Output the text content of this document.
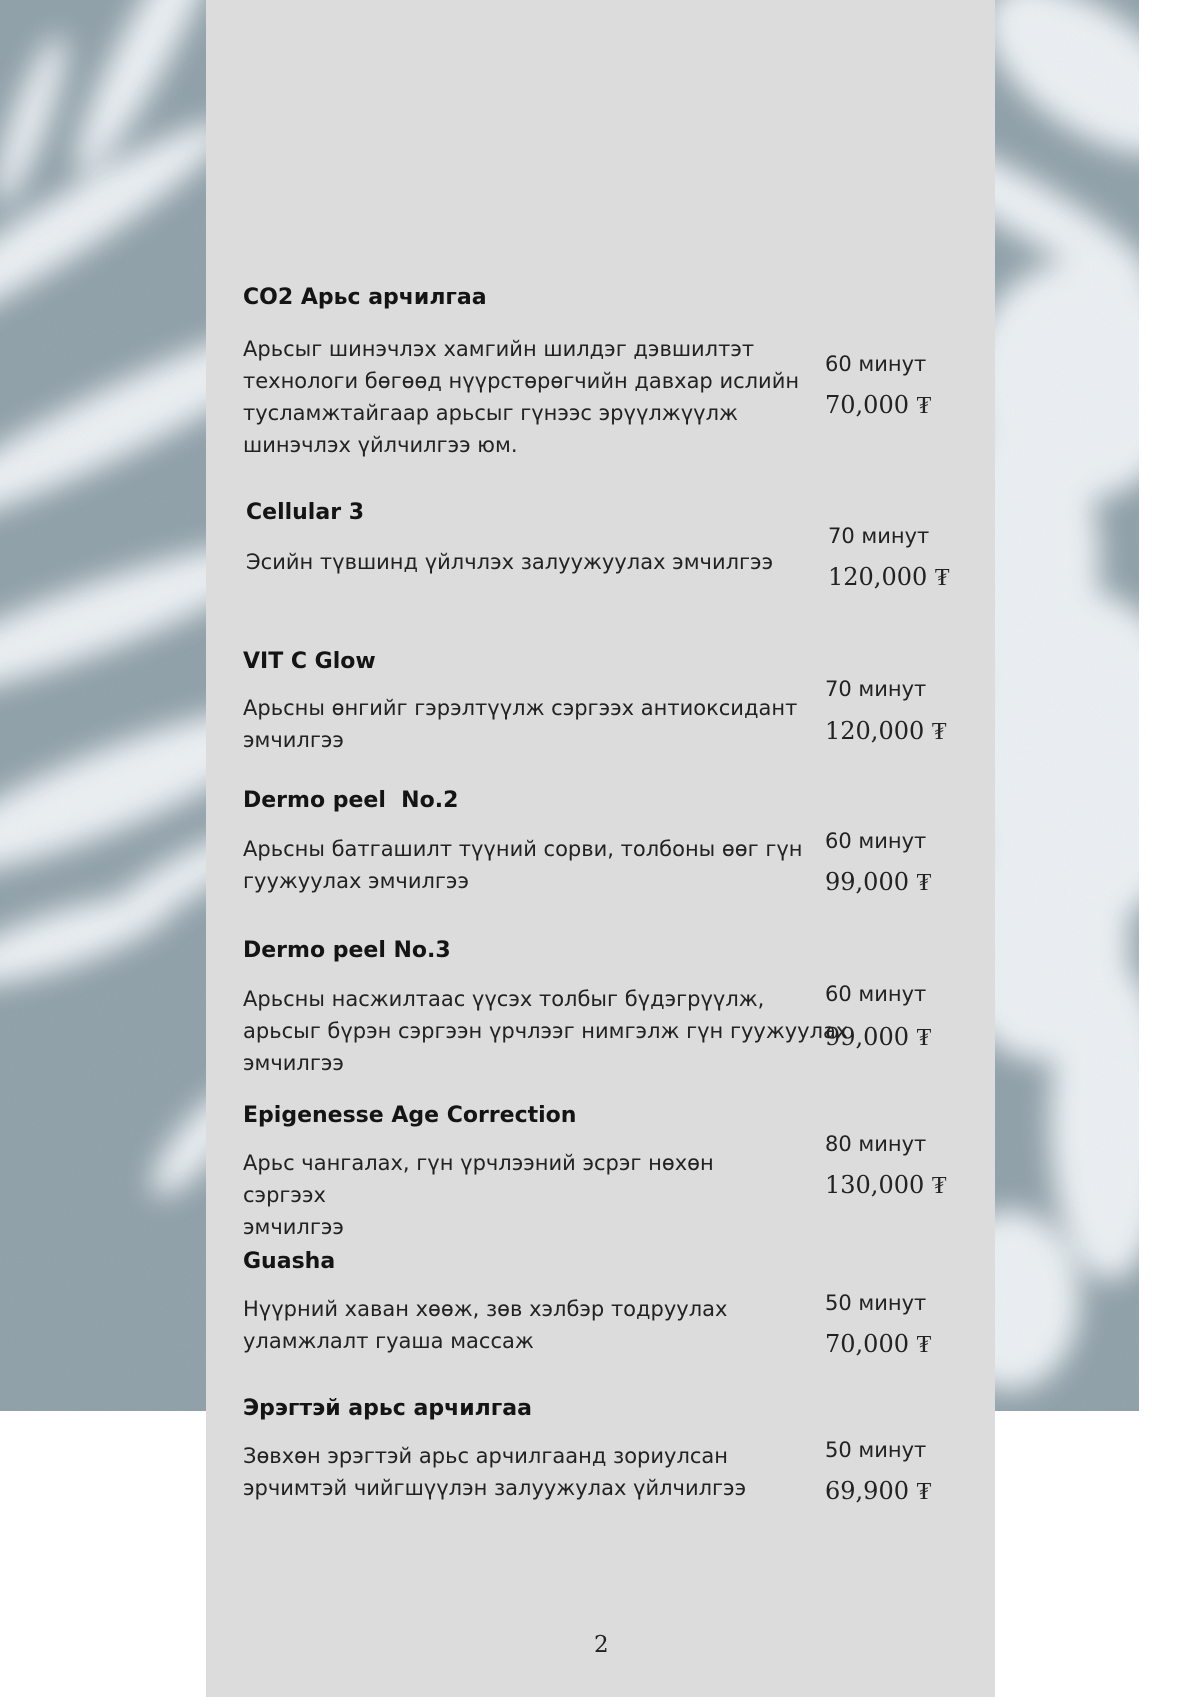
CO2 Арьс арчилгаа
Арьсыг шинэчлэх хамгийн шилдэг дэвшилтэт
технологи бөгөөд нүүрстөрөгчийн давхар ислийн
тусламжтайгаар арьсыг гүнээс эрүүлжүүлж
шинэчлэх үйлчилгээ юм.
60 минут
70,000 ₮
Cellular 3
Эсийн түвшинд үйлчлэх залуужуулах эмчилгээ
70 минут
120,000 ₮
VIT C Glow
Арьсны өнгийг гэрэлтүүлж сэргээх антиоксидант
эмчилгээ
70 минут
120,000 ₮
Dermo peel  No.2
Арьсны батгашилт түүний сорви, толбоны өөг гүн
гуужуулах эмчилгээ
60 минут
99,000 ₮
Dermo peel No.3
Арьсны насжилтаас үүсэх толбыг бүдэгрүүлж,
арьсыг бүрэн сэргээн үрчлээг нимгэлж гүн гуужуулах
эмчилгээ
60 минут
99,000 ₮
Epigenesse Age Correction
Арьс чангалах, гүн үрчлээний эсрэг нөхөн сэргээх
эмчилгээ
80 минут
130,000 ₮
Guasha
Нүүрний хаван хөөж, зөв хэлбэр тодруулах
уламжлалт гуаша массаж
50 минут
70,000 ₮
Эрэгтэй арьс арчилгаа
Зөвхөн эрэгтэй арьс арчилгаанд зориулсан
эрчимтэй чийгшүүлэн залуужулах үйлчилгээ
50 минут
69,900 ₮
2
